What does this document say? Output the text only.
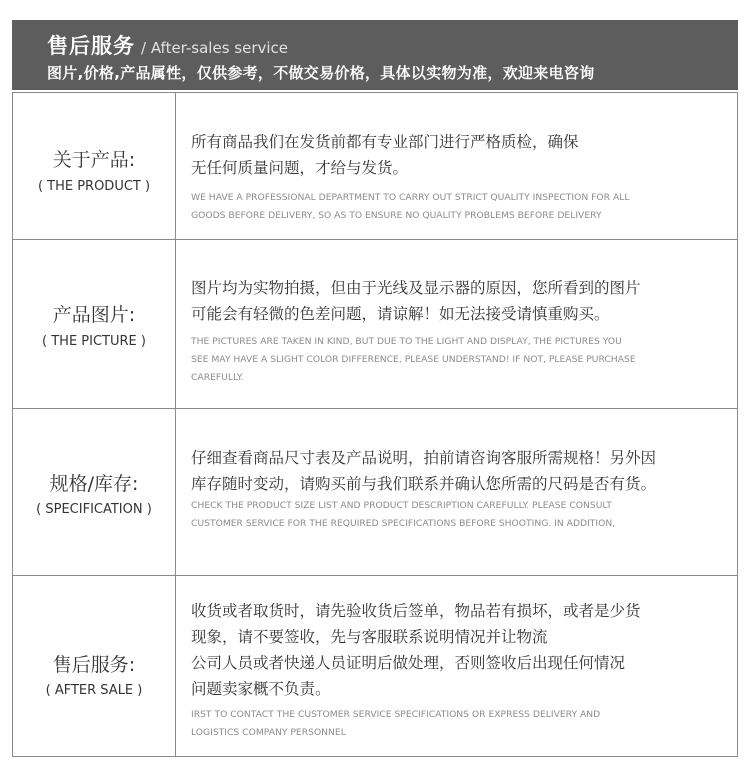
售后服务 / After-sales service
图片,价格,产品属性，仅供参考，不做交易价格，具体以实物为准，欢迎来电咨询
关于产品:
( THE PRODUCT )
所有商品我们在发货前都有专业部门进行严格质检，确保
无任何质量问题，才给与发货。
WE HAVE A PROFESSIONAL DEPARTMENT TO CARRY OUT STRICT QUALITY INSPECTION FOR ALL
GOODS BEFORE DELIVERY, SO AS TO ENSURE NO QUALITY PROBLEMS BEFORE DELIVERY
产品图片:
( THE PICTURE )
图片均为实物拍摄，但由于光线及显示器的原因，您所看到的图片
可能会有轻微的色差问题，请谅解！如无法接受请慎重购买。
THE PICTURES ARE TAKEN IN KIND, BUT DUE TO THE LIGHT AND DISPLAY, THE PICTURES YOU
SEE MAY HAVE A SLIGHT COLOR DIFFERENCE, PLEASE UNDERSTAND! IF NOT, PLEASE PURCHASE
CAREFULLY.
规格/库存:
( SPECIFICATION )
仔细查看商品尺寸表及产品说明，拍前请咨询客服所需规格！另外因
库存随时变动，请购买前与我们联系并确认您所需的尺码是否有货。
CHECK THE PRODUCT SIZE LIST AND PRODUCT DESCRIPTION CAREFULLY. PLEASE CONSULT
CUSTOMER SERVICE FOR THE REQUIRED SPECIFICATIONS BEFORE SHOOTING. IN ADDITION,
售后服务:
( AFTER SALE )
收货或者取货时，请先验收货后签单，物品若有损坏，或者是少货
现象，请不要签收，先与客服联系说明情况并让物流
公司人员或者快递人员证明后做处理，否则签收后出现任何情况
问题卖家概不负责。
IRST TO CONTACT THE CUSTOMER SERVICE SPECIFICATIONS OR EXPRESS DELIVERY AND
LOGISTICS COMPANY PERSONNEL
